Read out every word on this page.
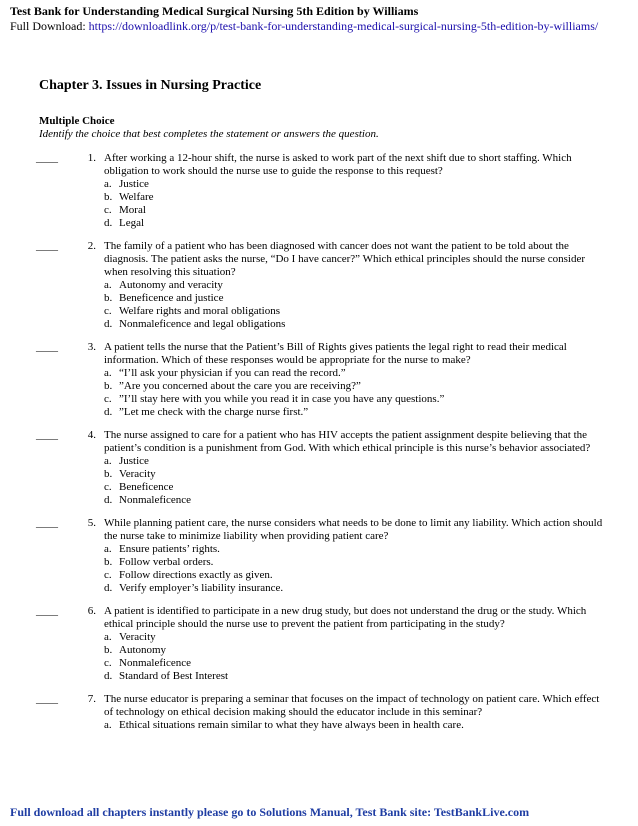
Test Bank for Understanding Medical Surgical Nursing 5th Edition by Williams
Full Download: https://downloadlink.org/p/test-bank-for-understanding-medical-surgical-nursing-5th-edition-by-williams/
Chapter 3. Issues in Nursing Practice
Multiple Choice
Identify the choice that best completes the statement or answers the question.
____	1. After working a 12-hour shift, the nurse is asked to work part of the next shift due to short staffing. Which obligation to work should the nurse use to guide the response to this request?
a. Justice
b. Welfare
c. Moral
d. Legal
____	2. The family of a patient who has been diagnosed with cancer does not want the patient to be told about the diagnosis. The patient asks the nurse, “Do I have cancer?” Which ethical principles should the nurse consider when resolving this situation?
a. Autonomy and veracity
b. Beneficence and justice
c. Welfare rights and moral obligations
d. Nonmaleficence and legal obligations
____	3. A patient tells the nurse that the Patient’s Bill of Rights gives patients the legal right to read their medical information. Which of these responses would be appropriate for the nurse to make?
a. “I’ll ask your physician if you can read the record.”
b. ”Are you concerned about the care you are receiving?”
c. ”I’ll stay here with you while you read it in case you have any questions.”
d. ”Let me check with the charge nurse first.”
____	4. The nurse assigned to care for a patient who has HIV accepts the patient assignment despite believing that the patient’s condition is a punishment from God. With which ethical principle is this nurse’s behavior associated?
a. Justice
b. Veracity
c. Beneficence
d. Nonmaleficence
____	5. While planning patient care, the nurse considers what needs to be done to limit any liability. Which action should the nurse take to minimize liability when providing patient care?
a. Ensure patients’ rights.
b. Follow verbal orders.
c. Follow directions exactly as given.
d. Verify employer’s liability insurance.
____	6. A patient is identified to participate in a new drug study, but does not understand the drug or the study. Which ethical principle should the nurse use to prevent the patient from participating in the study?
a. Veracity
b. Autonomy
c. Nonmaleficence
d. Standard of Best Interest
____	7. The nurse educator is preparing a seminar that focuses on the impact of technology on patient care. Which effect of technology on ethical decision making should the educator include in this seminar?
a. Ethical situations remain similar to what they have always been in health care.
Full download all chapters instantly please go to Solutions Manual, Test Bank site: TestBankLive.com
